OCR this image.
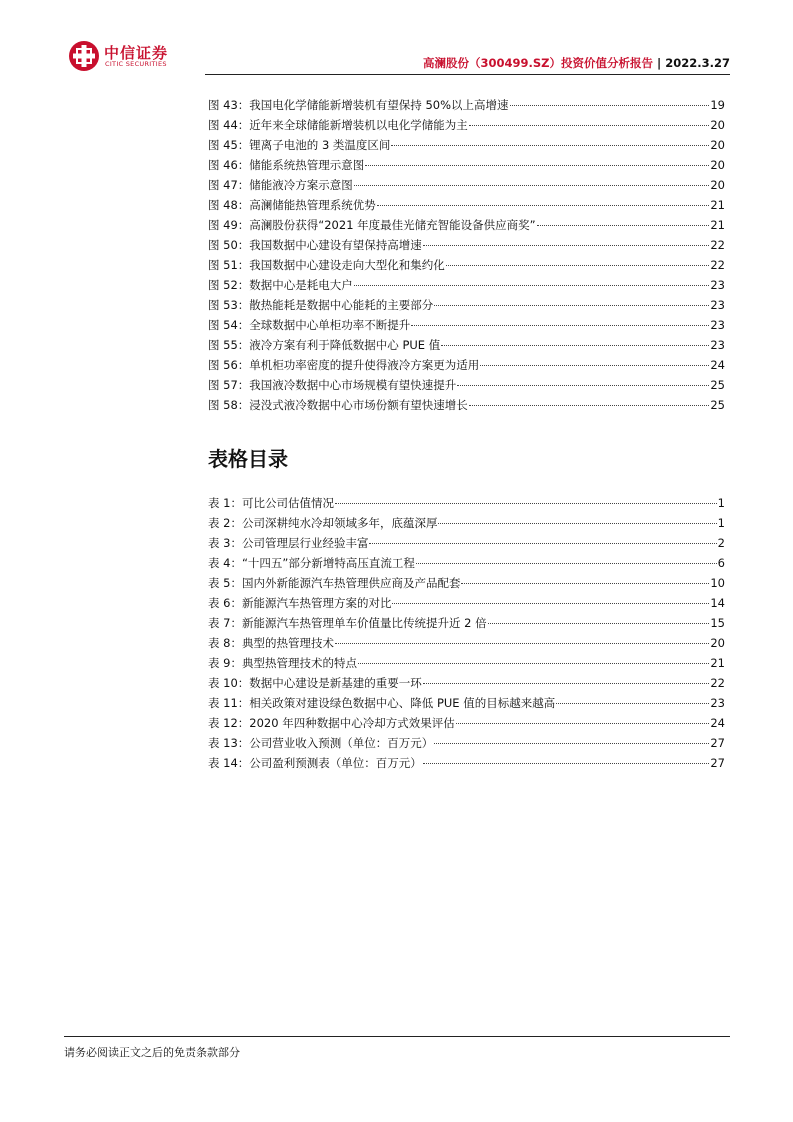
中信证券
CITIC SECURITIES	高澜股份（300499.SZ）投资价值分析报告 | 2022.3.27
图 43：我国电化学储能新增装机有望保持 50%以上高增速	19
图 44：近年来全球储能新增装机以电化学储能为主	20
图 45：锂离子电池的 3 类温度区间	20
图 46：储能系统热管理示意图	20
图 47：储能液冷方案示意图	20
图 48：高澜储能热管理系统优势	21
图 49：高澜股份获得“2021 年度最佳光储充智能设备供应商奖”	21
图 50：我国数据中心建设有望保持高增速	22
图 51：我国数据中心建设走向大型化和集约化	22
图 52：数据中心是耗电大户	23
图 53：散热能耗是数据中心能耗的主要部分	23
图 54：全球数据中心单柜功率不断提升	23
图 55：液冷方案有利于降低数据中心 PUE 值	23
图 56：单机柜功率密度的提升使得液冷方案更为适用	24
图 57：我国液冷数据中心市场规模有望快速提升	25
图 58：浸没式液冷数据中心市场份额有望快速增长	25
表格目录
表 1：可比公司估值情况	1
表 2：公司深耕纯水冷却领域多年，底蕴深厚	1
表 3：公司管理层行业经验丰富	2
表 4：“十四五”部分新增特高压直流工程	6
表 5：国内外新能源汽车热管理供应商及产品配套	10
表 6：新能源汽车热管理方案的对比	14
表 7：新能源汽车热管理单车价值量比传统提升近 2 倍	15
表 8：典型的热管理技术	20
表 9：典型热管理技术的特点	21
表 10：数据中心建设是新基建的重要一环	22
表 11：相关政策对建设绿色数据中心、降低 PUE 值的目标越来越高	23
表 12：2020 年四种数据中心冷却方式效果评估	24
表 13：公司营业收入预测（单位：百万元）	27
表 14：公司盈利预测表（单位：百万元）	27
请务必阅读正文之后的免责条款部分
